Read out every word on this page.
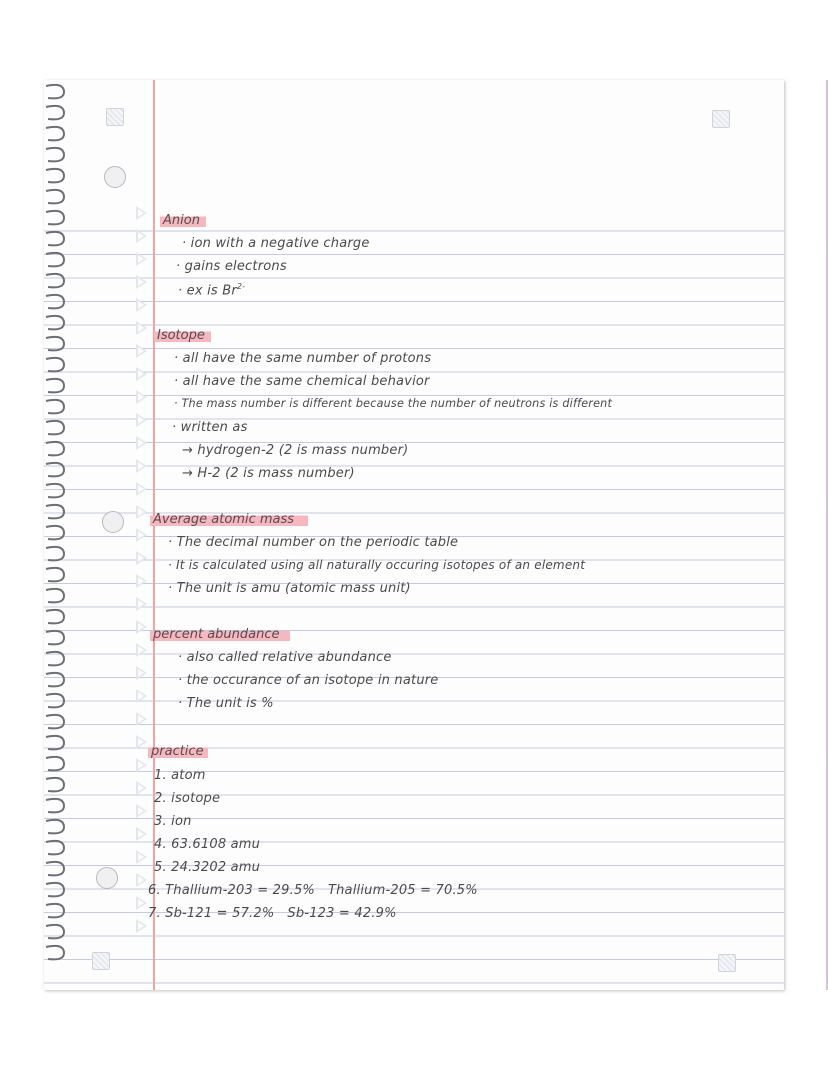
Anion
· ion with a negative charge
· gains electrons
· ex is $Br^{2-}$
Isotope
· all have the same number of protons
· all have the same chemical behavior
· The mass number is different because the number of neutrons is different
· written as
→ hydrogen-2 (2 is mass number)
→ H-2 (2 is mass number)
Average atomic mass
· The decimal number on the periodic table
· It is calculated using all naturally occuring isotopes of an element
· The unit is amu (atomic mass unit)
percent abundance
· also called relative abundance
· the occurance of an isotope in nature
· The unit is %
practice
1. atom
2. isotope
3. ion
4. 63.6108 amu
5. 24.3202 amu
6. Thallium-203 = 29.5%   Thallium-205 = 70.5%
7. Sb-121 = 57.2%   Sb-123 = 42.9%
